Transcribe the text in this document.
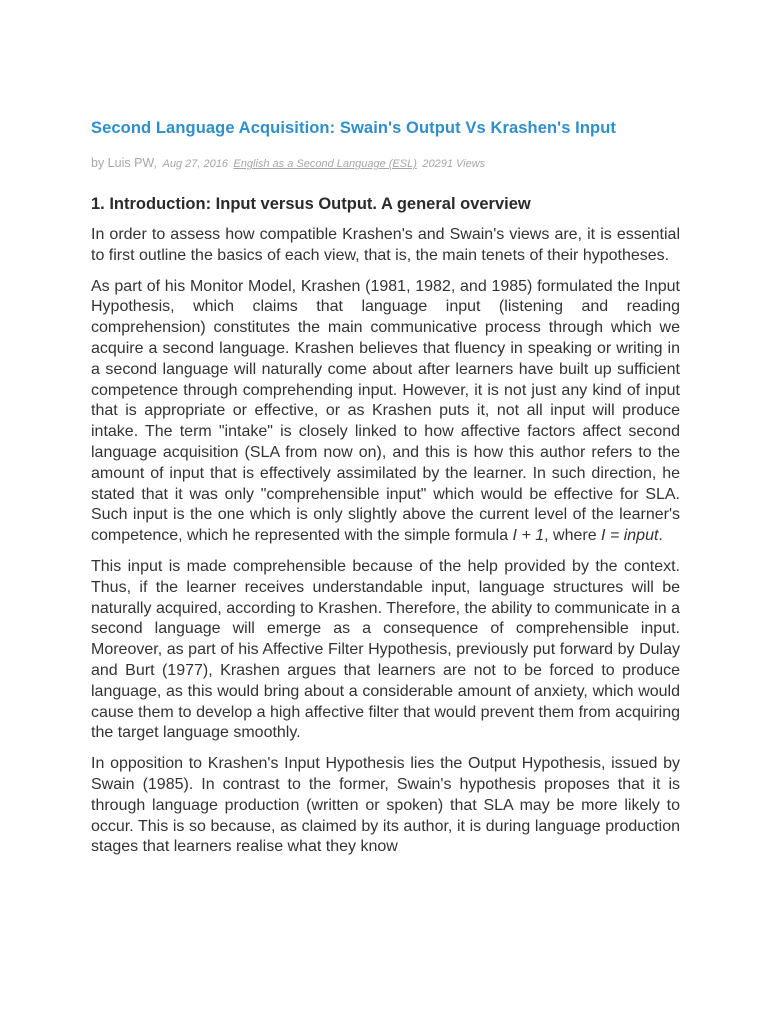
Second Language Acquisition: Swain's Output Vs Krashen's Input
by Luis PW, Aug 27, 2016 English as a Second Language (ESL) 20291 Views
1. Introduction: Input versus Output. A general overview

In order to assess how compatible Krashen's and Swain's views are, it is essential to first outline the basics of each view, that is, the main tenets of their hypotheses.

As part of his Monitor Model, Krashen (1981, 1982, and 1985) formulated the Input Hypothesis, which claims that language input (listening and reading comprehension) constitutes the main communicative process through which we acquire a second language. Krashen believes that fluency in speaking or writing in a second language will naturally come about after learners have built up sufficient competence through comprehending input. However, it is not just any kind of input that is appropriate or effective, or as Krashen puts it, not all input will produce intake. The term "intake" is closely linked to how affective factors affect second language acquisition (SLA from now on), and this is how this author refers to the amount of input that is effectively assimilated by the learner. In such direction, he stated that it was only "comprehensible input" which would be effective for SLA. Such input is the one which is only slightly above the current level of the learner's competence, which he represented with the simple formula I + 1, where I = input.

This input is made comprehensible because of the help provided by the context. Thus, if the learner receives understandable input, language structures will be naturally acquired, according to Krashen. Therefore, the ability to communicate in a second language will emerge as a consequence of comprehensible input. Moreover, as part of his Affective Filter Hypothesis, previously put forward by Dulay and Burt (1977), Krashen argues that learners are not to be forced to produce language, as this would bring about a considerable amount of anxiety, which would cause them to develop a high affective filter that would prevent them from acquiring the target language smoothly.

In opposition to Krashen's Input Hypothesis lies the Output Hypothesis, issued by Swain (1985). In contrast to the former, Swain's hypothesis proposes that it is through language production (written or spoken) that SLA may be more likely to occur. This is so because, as claimed by its author, it is during language production stages that learners realise what they know
